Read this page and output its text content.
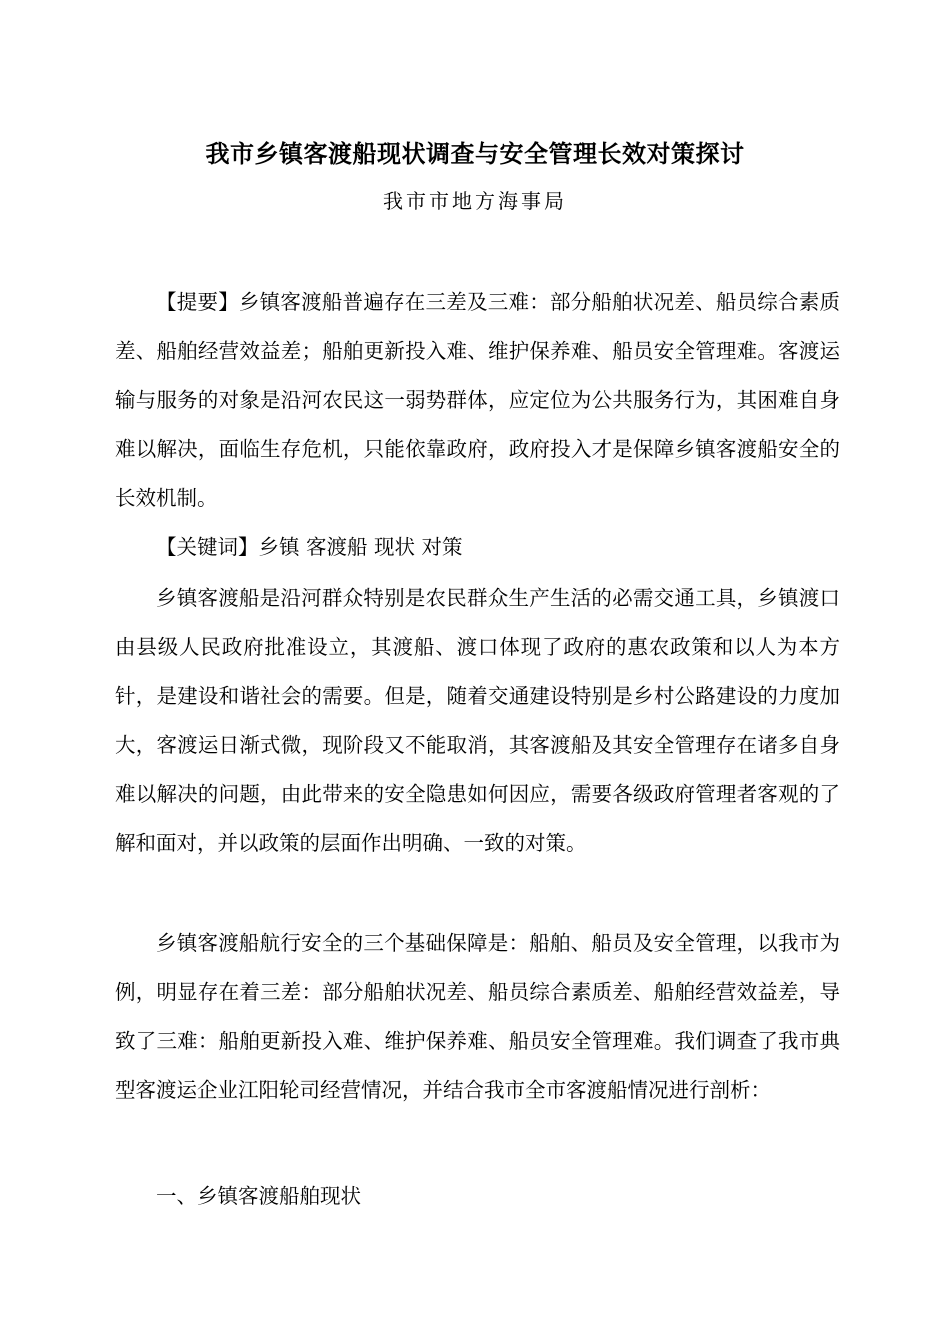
我市乡镇客渡船现状调查与安全管理长效对策探讨
我市市地方海事局

【提要】乡镇客渡船普遍存在三差及三难：部分船舶状况差、船员综合素质差、船舶经营效益差；船舶更新投入难、维护保养难、船员安全管理难。客渡运输与服务的对象是沿河农民这一弱势群体，应定位为公共服务行为，其困难自身难以解决，面临生存危机，只能依靠政府，政府投入才是保障乡镇客渡船安全的长效机制。

【关键词】乡镇 客渡船 现状 对策

乡镇客渡船是沿河群众特别是农民群众生产生活的必需交通工具，乡镇渡口由县级人民政府批准设立，其渡船、渡口体现了政府的惠农政策和以人为本方针，是建设和谐社会的需要。但是，随着交通建设特别是乡村公路建设的力度加大，客渡运日渐式微，现阶段又不能取消，其客渡船及其安全管理存在诸多自身难以解决的问题，由此带来的安全隐患如何因应，需要各级政府管理者客观的了解和面对，并以政策的层面作出明确、一致的对策。

乡镇客渡船航行安全的三个基础保障是：船舶、船员及安全管理，以我市为例，明显存在着三差：部分船舶状况差、船员综合素质差、船舶经营效益差，导致了三难：船舶更新投入难、维护保养难、船员安全管理难。我们调查了我市典型客渡运企业江阳轮司经营情况，并结合我市全市客渡船情况进行剖析：

一、乡镇客渡船舶现状
